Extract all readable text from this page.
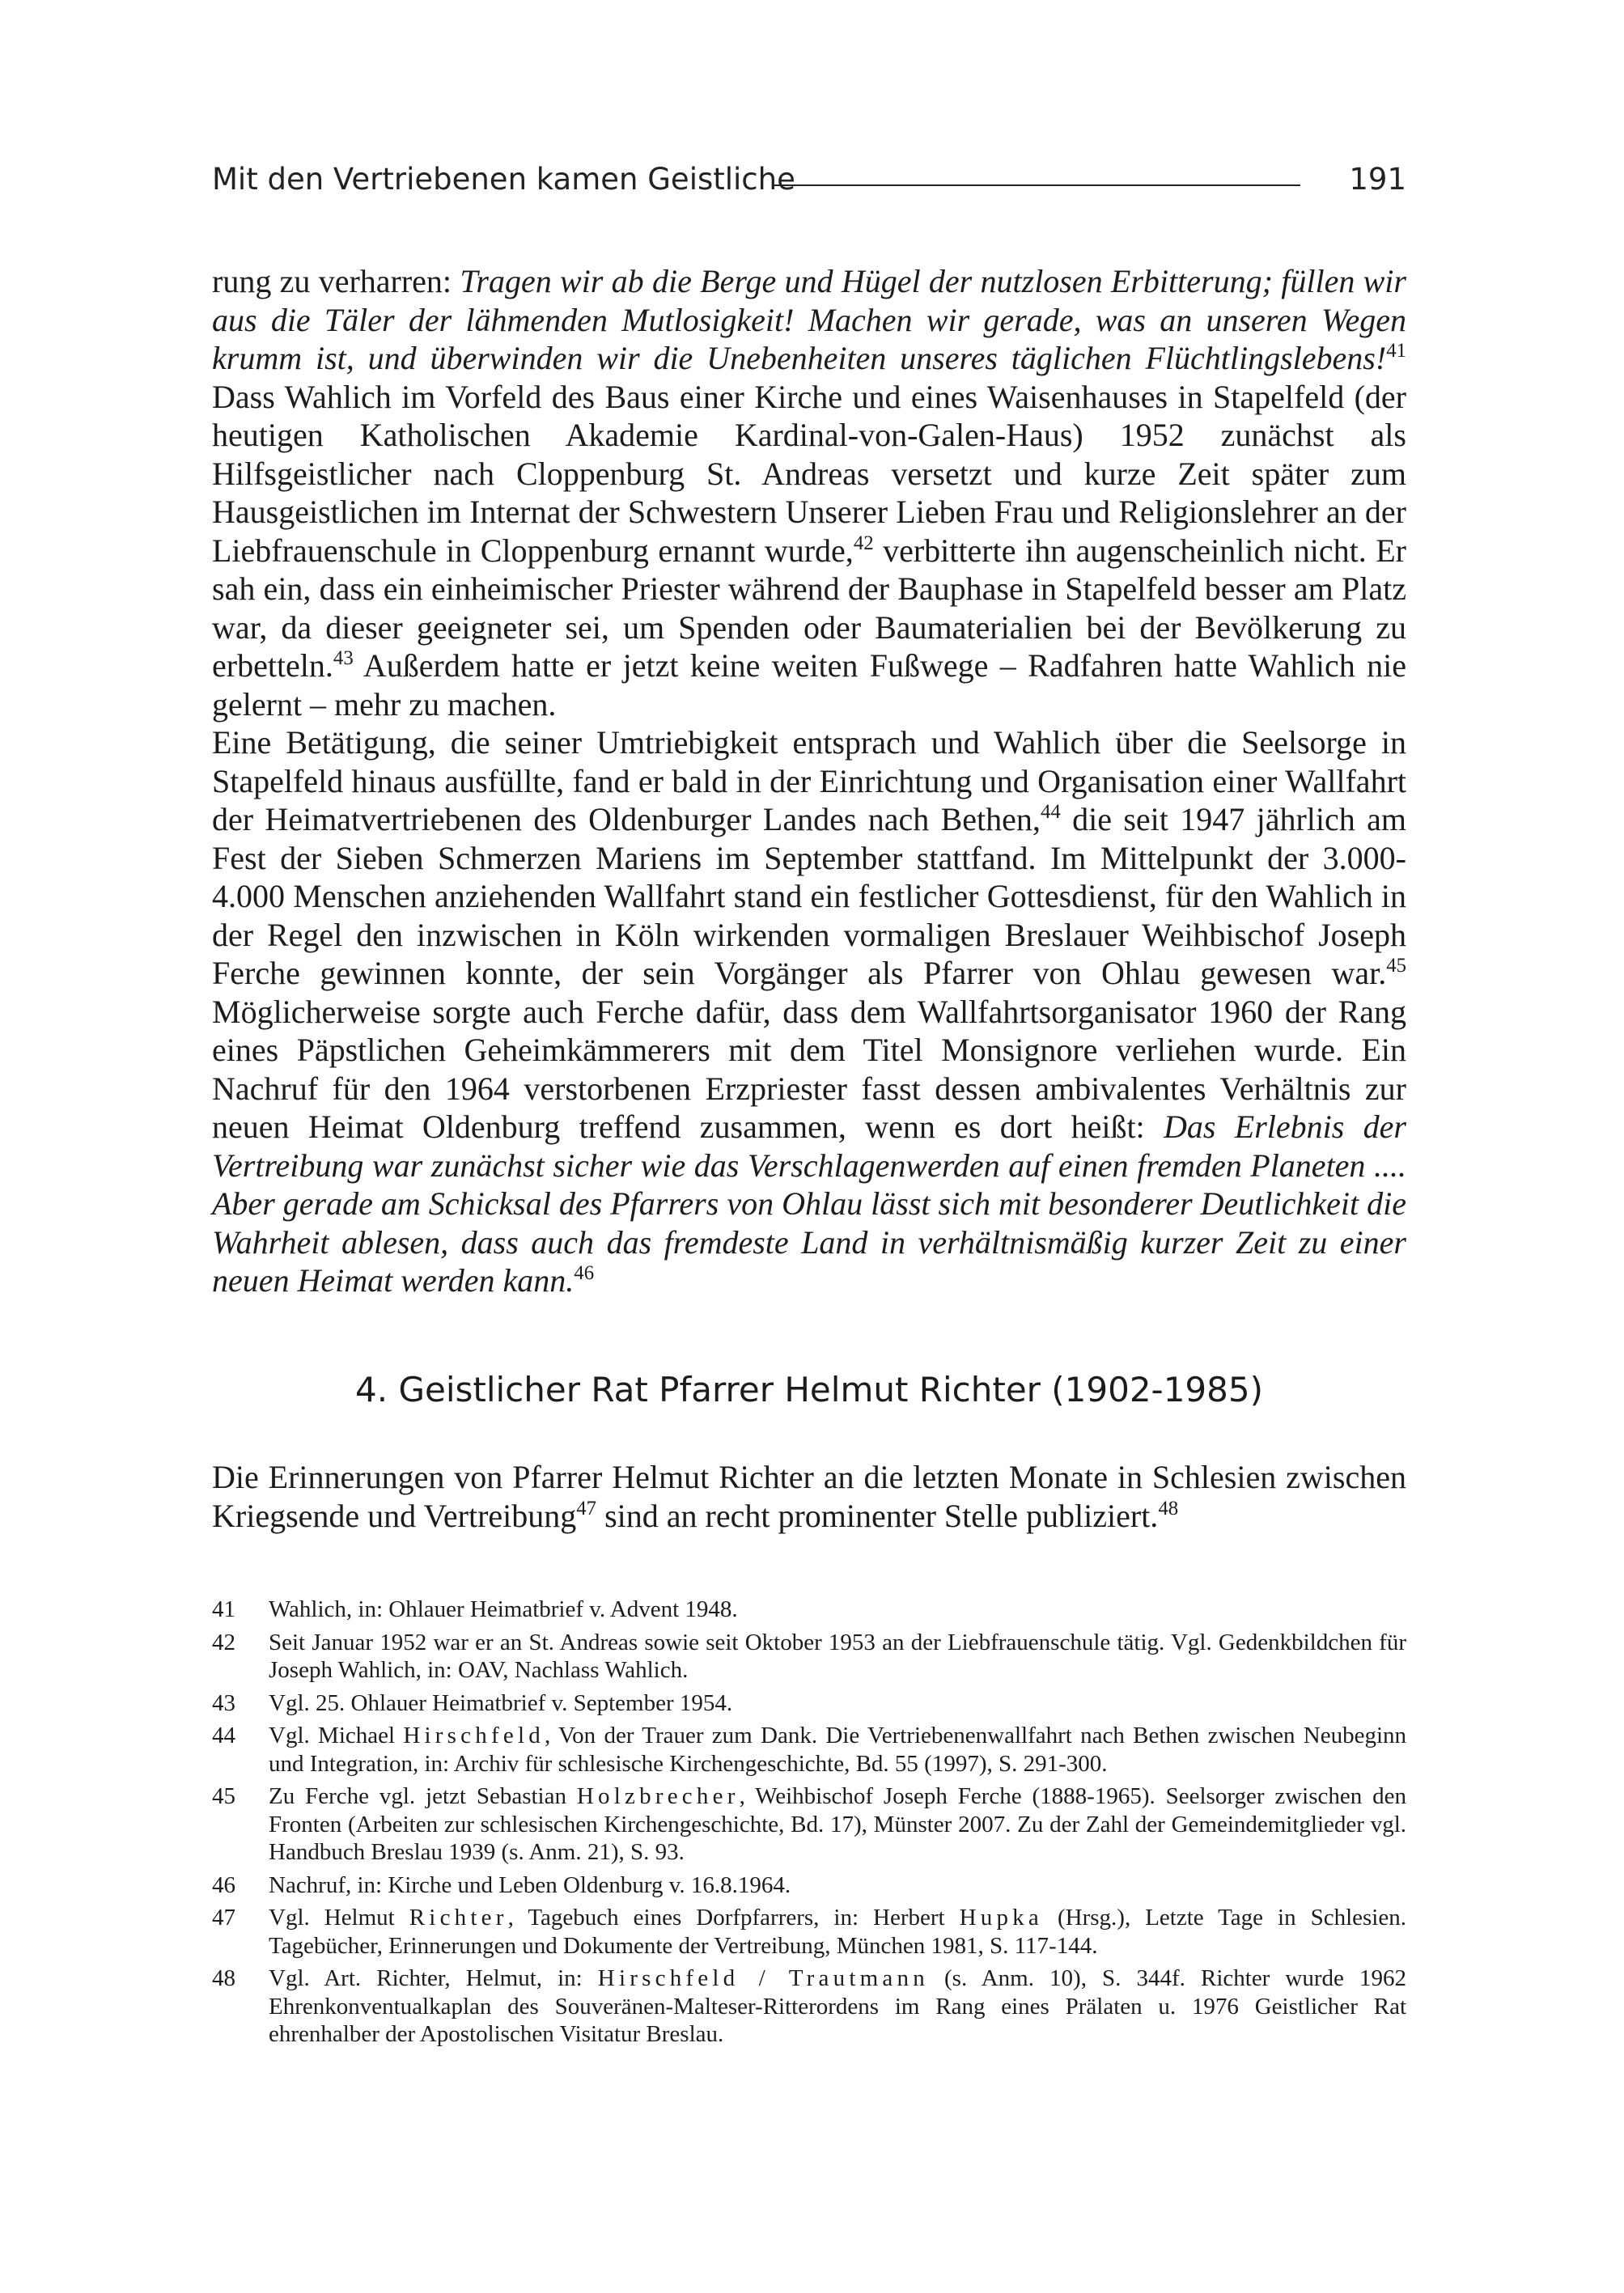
Mit den Vertriebenen kamen Geistliche	191

rung zu verharren: Tragen wir ab die Berge und Hügel der nutzlosen Erbitterung; füllen wir aus die Täler der lähmenden Mutlosigkeit! Machen wir gerade, was an unseren Wegen krumm ist, und überwinden wir die Unebenheiten unseres täglichen Flüchtlingslebens!$^{41}$ Dass Wahlich im Vorfeld des Baus einer Kirche und eines Waisenhauses in Stapelfeld (der heutigen Katholischen Akademie Kardinal-von-Galen-Haus) 1952 zunächst als Hilfsgeistlicher nach Cloppenburg St. Andreas versetzt und kurze Zeit später zum Hausgeistlichen im Internat der Schwestern Unserer Lieben Frau und Religionslehrer an der Liebfrauenschule in Cloppenburg ernannt wurde,$^{42}$ verbitterte ihn augenscheinlich nicht. Er sah ein, dass ein einheimischer Priester während der Bauphase in Stapelfeld besser am Platz war, da dieser geeigneter sei, um Spenden oder Baumaterialien bei der Bevölkerung zu erbetteln.$^{43}$ Außerdem hatte er jetzt keine weiten Fußwege – Radfahren hatte Wahlich nie gelernt – mehr zu machen.

Eine Betätigung, die seiner Umtriebigkeit entsprach und Wahlich über die Seelsorge in Stapelfeld hinaus ausfüllte, fand er bald in der Einrichtung und Organisation einer Wallfahrt der Heimatvertriebenen des Oldenburger Landes nach Bethen,$^{44}$ die seit 1947 jährlich am Fest der Sieben Schmerzen Mariens im September stattfand. Im Mittelpunkt der 3.000-4.000 Menschen anziehenden Wallfahrt stand ein festlicher Gottesdienst, für den Wahlich in der Regel den inzwischen in Köln wirkenden vormaligen Breslauer Weihbischof Joseph Ferche gewinnen konnte, der sein Vorgänger als Pfarrer von Ohlau gewesen war.$^{45}$ Möglicherweise sorgte auch Ferche dafür, dass dem Wallfahrtsorganisator 1960 der Rang eines Päpstlichen Geheimkämmerers mit dem Titel Monsignore verliehen wurde. Ein Nachruf für den 1964 verstorbenen Erzpriester fasst dessen ambivalentes Verhältnis zur neuen Heimat Oldenburg treffend zusammen, wenn es dort heißt: Das Erlebnis der Vertreibung war zunächst sicher wie das Verschlagenwerden auf einen fremden Planeten .... Aber gerade am Schicksal des Pfarrers von Ohlau lässt sich mit besonderer Deutlichkeit die Wahrheit ablesen, dass auch das fremdeste Land in verhältnismäßig kurzer Zeit zu einer neuen Heimat werden kann.$^{46}$

4. Geistlicher Rat Pfarrer Helmut Richter (1902-1985)

Die Erinnerungen von Pfarrer Helmut Richter an die letzten Monate in Schlesien zwischen Kriegsende und Vertreibung$^{47}$ sind an recht prominenter Stelle publiziert.$^{48}$

41	Wahlich, in: Ohlauer Heimatbrief v. Advent 1948.
42	Seit Januar 1952 war er an St. Andreas sowie seit Oktober 1953 an der Liebfrauenschule tätig. Vgl. Gedenkbildchen für Joseph Wahlich, in: OAV, Nachlass Wahlich.
43	Vgl. 25. Ohlauer Heimatbrief v. September 1954.
44	Vgl. Michael Hirschfeld, Von der Trauer zum Dank. Die Vertriebenenwallfahrt nach Bethen zwischen Neubeginn und Integration, in: Archiv für schlesische Kirchengeschichte, Bd. 55 (1997), S. 291-300.
45	Zu Ferche vgl. jetzt Sebastian Holzbrecher, Weihbischof Joseph Ferche (1888-1965). Seelsorger zwischen den Fronten (Arbeiten zur schlesischen Kirchengeschichte, Bd. 17), Münster 2007. Zu der Zahl der Gemeindemitglieder vgl. Handbuch Breslau 1939 (s. Anm. 21), S. 93.
46	Nachruf, in: Kirche und Leben Oldenburg v. 16.8.1964.
47	Vgl. Helmut Richter, Tagebuch eines Dorfpfarrers, in: Herbert Hupka (Hrsg.), Letzte Tage in Schlesien. Tagebücher, Erinnerungen und Dokumente der Vertreibung, München 1981, S. 117-144.
48	Vgl. Art. Richter, Helmut, in: Hirschfeld / Trautmann (s. Anm. 10), S. 344f. Richter wurde 1962 Ehrenkonventualkaplan des Souveränen-Malteser-Ritterordens im Rang eines Prälaten u. 1976 Geistlicher Rat ehrenhalber der Apostolischen Visitatur Breslau.
